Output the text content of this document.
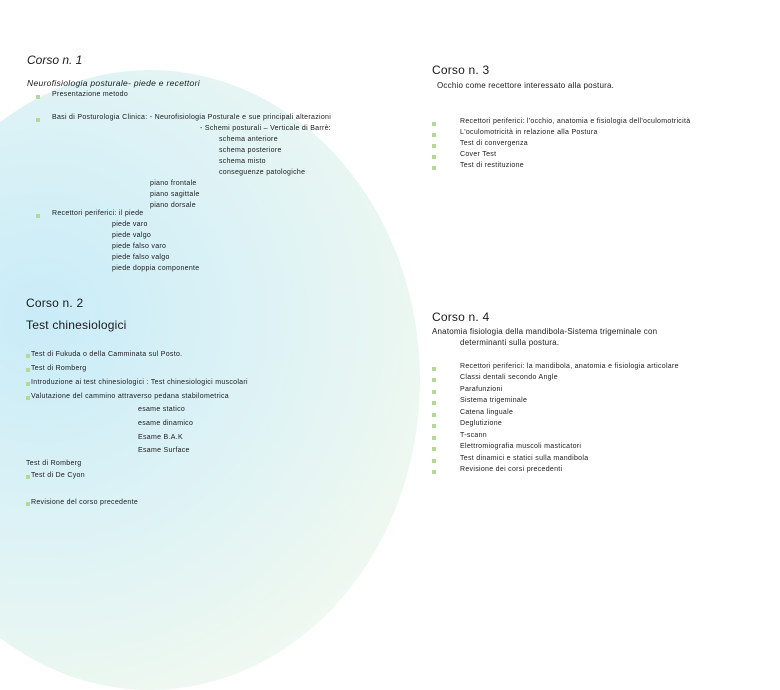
Corso n. 1
Neurofisiologia posturale- piede e recettori
Presentazione metodo
Basi di Posturologia Clinica: - Neurofisiologia Posturale e sue principali alterazioni
- Schemi posturali – Verticale di Barrè:
schema anteriore
schema posteriore
schema misto
conseguenze patologiche
piano frontale
piano sagittale
piano dorsale
Recettori periferici: il piede
piede varo
piede valgo
piede falso varo
piede falso valgo
piede doppia componente
Corso n. 2
Test chinesiologici
Test di Fukuda o della Camminata sul Posto.
Test di Romberg
Introduzione ai test chinesiologici : Test chinesiologici muscolari
Valutazione del cammino attraverso pedana stabilometrica
esame statico
esame dinamico
Esame B.A.K
Esame Surface
Test di Romberg
Test di De Cyon
Revisione del corso precedente
Corso n. 3
Occhio come recettore interessato alla postura.
Recettori periferici: l'occhio, anatomia e fisiologia dell'oculomotricità
L'oculomotricità in relazione alla Postura
Test di convergenza
Cover Test
Test di restituzione
Corso n. 4
Anatomia fisiologia della mandibola-Sistema trigeminale con
determinanti sulla postura.
Recettori periferici: la mandibola, anatomia e fisiologia articolare
Classi dentali secondo Angle
Parafunzioni
Sistema trigeminale
Catena linguale
Deglutizione
T-scann
Elettromiografia muscoli masticatori
Test dinamici e statici sulla mandibola
Revisione dei corsi precedenti
